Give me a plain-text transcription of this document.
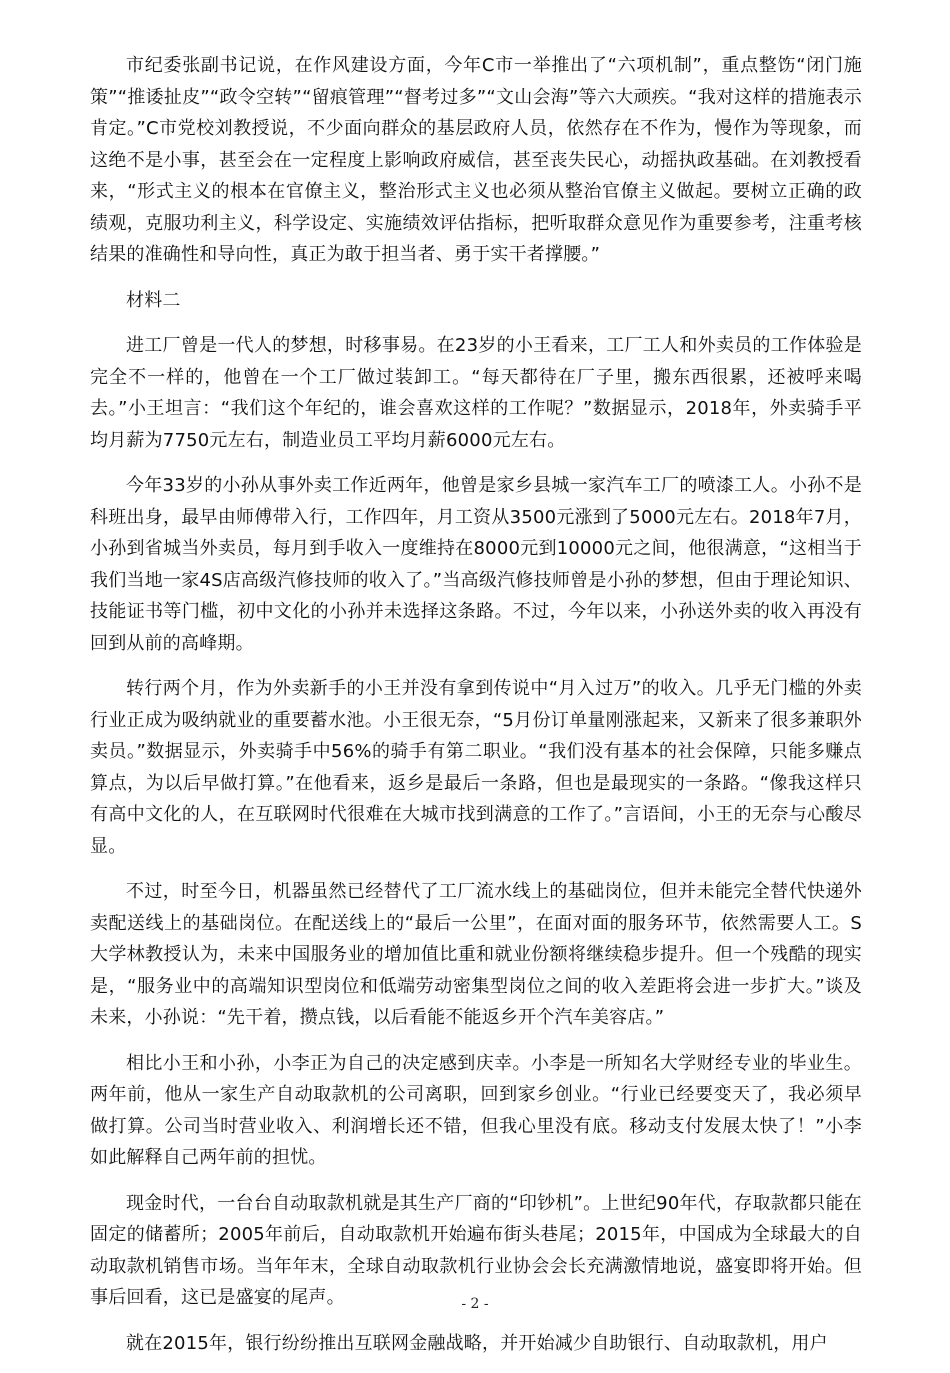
市纪委张副书记说，在作风建设方面，今年C市一举推出了“六项机制”，重点整饬“闭门施策”“推诿扯皮”“政令空转”“留痕管理”“督考过多”“文山会海”等六大顽疾。“我对这样的措施表示肯定。”C市党校刘教授说，不少面向群众的基层政府人员，依然存在不作为，慢作为等现象，而这绝不是小事，甚至会在一定程度上影响政府威信，甚至丧失民心，动摇执政基础。在刘教授看来，“形式主义的根本在官僚主义，整治形式主义也必须从整治官僚主义做起。要树立正确的政绩观，克服功利主义，科学设定、实施绩效评估指标，把听取群众意见作为重要参考，注重考核结果的准确性和导向性，真正为敢于担当者、勇于实干者撑腰。”

材料二

进工厂曾是一代人的梦想，时移事易。在23岁的小王看来，工厂工人和外卖员的工作体验是完全不一样的，他曾在一个工厂做过装卸工。“每天都待在厂子里，搬东西很累，还被呼来喝去。”小王坦言：“我们这个年纪的，谁会喜欢这样的工作呢？”数据显示，2018年，外卖骑手平均月薪为7750元左右，制造业员工平均月薪6000元左右。

今年33岁的小孙从事外卖工作近两年，他曾是家乡县城一家汽车工厂的喷漆工人。小孙不是科班出身，最早由师傅带入行，工作四年，月工资从3500元涨到了5000元左右。2018年7月，小孙到省城当外卖员，每月到手收入一度维持在8000元到10000元之间，他很满意，“这相当于我们当地一家4S店高级汽修技师的收入了。”当高级汽修技师曾是小孙的梦想，但由于理论知识、技能证书等门槛，初中文化的小孙并未选择这条路。不过，今年以来，小孙送外卖的收入再没有回到从前的高峰期。

转行两个月，作为外卖新手的小王并没有拿到传说中“月入过万”的收入。几乎无门槛的外卖行业正成为吸纳就业的重要蓄水池。小王很无奈，“5月份订单量刚涨起来，又新来了很多兼职外卖员。”数据显示，外卖骑手中56%的骑手有第二职业。“我们没有基本的社会保障，只能多赚点算点，为以后早做打算。”在他看来，返乡是最后一条路，但也是最现实的一条路。“像我这样只有高中文化的人，在互联网时代很难在大城市找到满意的工作了。”言语间，小王的无奈与心酸尽显。

不过，时至今日，机器虽然已经替代了工厂流水线上的基础岗位，但并未能完全替代快递外卖配送线上的基础岗位。在配送线上的“最后一公里”，在面对面的服务环节，依然需要人工。S大学林教授认为，未来中国服务业的增加值比重和就业份额将继续稳步提升。但一个残酷的现实是，“服务业中的高端知识型岗位和低端劳动密集型岗位之间的收入差距将会进一步扩大。”谈及未来，小孙说：“先干着，攒点钱，以后看能不能返乡开个汽车美容店。”

相比小王和小孙，小李正为自己的决定感到庆幸。小李是一所知名大学财经专业的毕业生。两年前，他从一家生产自动取款机的公司离职，回到家乡创业。“行业已经要变天了，我必须早做打算。公司当时营业收入、利润增长还不错，但我心里没有底。移动支付发展太快了！”小李如此解释自己两年前的担忧。

现金时代，一台台自动取款机就是其生产厂商的“印钞机”。上世纪90年代，存取款都只能在固定的储蓄所；2005年前后，自动取款机开始遍布街头巷尾；2015年，中国成为全球最大的自动取款机销售市场。当年年末，全球自动取款机行业协会会长充满激情地说，盛宴即将开始。但事后回看，这已是盛宴的尾声。

就在2015年，银行纷纷推出互联网金融战略，并开始减少自助银行、自动取款机，用户

- 2 -
